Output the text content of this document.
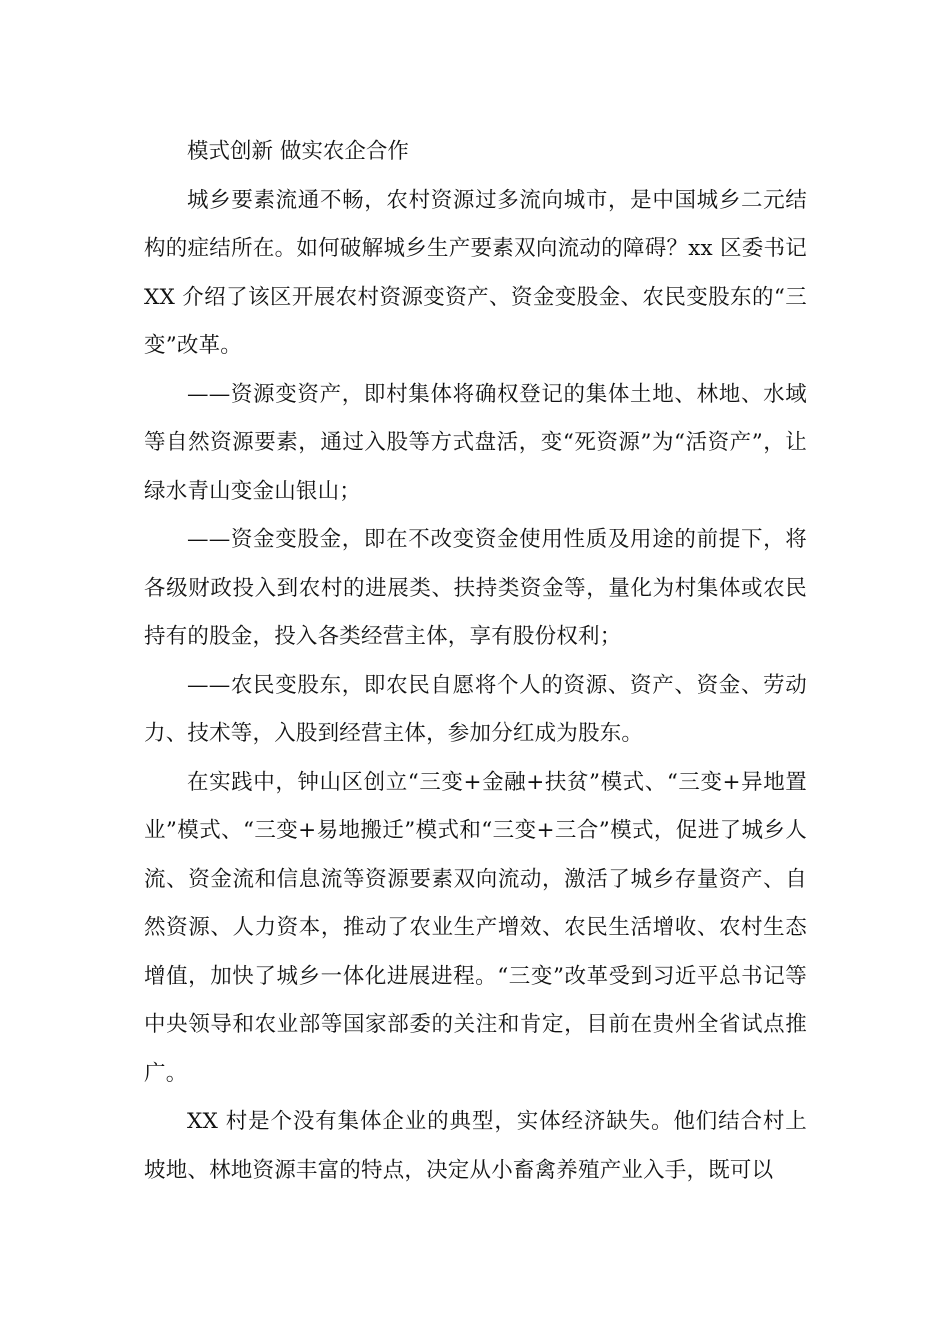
模式创新 做实农企合作

城乡要素流通不畅，农村资源过多流向城市，是中国城乡二元结构的症结所在。如何破解城乡生产要素双向流动的障碍？xx 区委书记 XX 介绍了该区开展农村资源变资产、资金变股金、农民变股东的“三变”改革。

——资源变资产，即村集体将确权登记的集体土地、林地、水域等自然资源要素，通过入股等方式盘活，变“死资源”为“活资产”，让绿水青山变金山银山；

——资金变股金，即在不改变资金使用性质及用途的前提下，将各级财政投入到农村的进展类、扶持类资金等，量化为村集体或农民持有的股金，投入各类经营主体，享有股份权利；

——农民变股东，即农民自愿将个人的资源、资产、资金、劳动力、技术等，入股到经营主体，参加分红成为股东。

在实践中，钟山区创立“三变+金融+扶贫”模式、“三变+异地置业”模式、“三变+易地搬迁”模式和“三变+三合”模式，促进了城乡人流、资金流和信息流等资源要素双向流动，激活了城乡存量资产、自然资源、人力资本，推动了农业生产增效、农民生活增收、农村生态增值，加快了城乡一体化进展进程。“三变”改革受到习近平总书记等中央领导和农业部等国家部委的关注和肯定，目前在贵州全省试点推广。

XX 村是个没有集体企业的典型，实体经济缺失。他们结合村上坡地、林地资源丰富的特点，决定从小畜禽养殖产业入手，既可以
